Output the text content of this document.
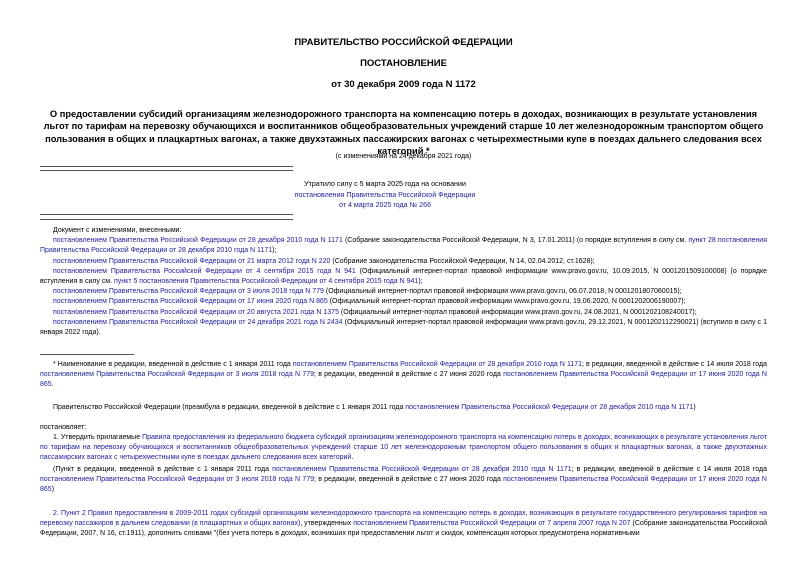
ПРАВИТЕЛЬСТВО РОССИЙСКОЙ ФЕДЕРАЦИИ
ПОСТАНОВЛЕНИЕ
от 30 декабря 2009 года N 1172
О предоставлении субсидий организациям железнодорожного транспорта на компенсацию потерь в доходах, возникающих в результате установления льгот по тарифам на перевозку обучающихся и воспитанников общеобразовательных учреждений старше 10 лет железнодорожным транспортом общего пользования в общих и плацкартных вагонах, а также двухэтажных пассажирских вагонах с четырехместными купе в поездах дальнего следования всех категорий *
(с изменениями на 24 декабря 2021 года)
Утратило силу с 5 марта 2025 года на основании
постановления Правительства Российской Федерации
от 4 марта 2025 года № 266

Документ с изменениями, внесенными:

постановлением Правительства Российской Федерации от 28 декабря 2010 года N 1171 (Собрание законодательства Российской Федерации, N 3, 17.01.2011) (о порядке вступления в силу см. пункт 28 постановления Правительства Российской Федерации от 28 декабря 2010 года N 1171);

постановлением Правительства Российской Федерации от 21 марта 2012 года N 220 (Собрание законодательства Российской Федерации, N 14, 02.04.2012, ст.1628);

постановлением Правительства Российской Федерации от 4 сентября 2015 года N 941 (Официальный интернет-портал правовой информации www.pravo.gov.ru, 10.09.2015, N 0001201509100008) (о порядке вступления в силу см. пункт 5 постановления Правительства Российской Федерации от 4 сентября 2015 года N 941);

постановлением Правительства Российской Федерации от 3 июля 2018 года N 779 (Официальный интернет-портал правовой информации www.pravo.gov.ru, 06.07.2018, N 0001201807060015);

постановлением Правительства Российской Федерации от 17 июня 2020 года N 865 (Официальный интернет-портал правовой информации www.pravo.gov.ru, 19.06.2020, N 0001202006190007);

постановлением Правительства Российской Федерации от 20 августа 2021 года N 1375 (Официальный интернет-портал правовой информации www.pravo.gov.ru, 24.08.2021, N 0001202108240017);

постановлением Правительства Российской Федерации от 24 декабря 2021 года N 2434 (Официальный интернет-портал правовой информации www.pravo.gov.ru, 29.12.2021, N 0001202112290021) (вступило в силу с 1 января 2022 года).

* Наименование в редакции, введенной в действие с 1 января 2011 года постановлением Правительства Российской Федерации от 28 декабря 2010 года N 1171; в редакции, введенной в действие с 14 июля 2018 года постановлением Правительства Российской Федерации от 3 июля 2018 года N 779; в редакции, введенной в действие с 27 июня 2020 года постановлением Правительства Российской Федерации от 17 июня 2020 года N 865.
Правительство Российской Федерации (преамбула в редакции, введенной в действие с 1 января 2011 года постановлением Правительства Российской Федерации от 28 декабря 2010 года N 1171)
постановляет:
1. Утвердить прилагаемые Правила предоставления из федерального бюджета субсидий организациям железнодорожного транспорта на компенсацию потерь в доходах, возникающих в результате установления льгот по тарифам на перевозку обучающихся и воспитанников общеобразовательных учреждений старше 10 лет железнодорожным транспортом общего пользования в общих и плацкартных вагонах, а также двухэтажных пассажирских вагонах с четырехместными купе в поездах дальнего следования всех категорий.
(Пункт в редакции, введенной в действие с 1 января 2011 года постановлением Правительства Российской Федерации от 28 декабря 2010 года N 1171; в редакции, введенной в действие с 14 июля 2018 года постановлением Правительства Российской Федерации от 3 июля 2018 года N 779; в редакции, введенной в действие с 27 июня 2020 года постановлением Правительства Российской Федерации от 17 июня 2020 года N 865)
2. Пункт 2 Правил предоставления в 2009-2011 годах субсидий организациям железнодорожного транспорта на компенсацию потерь в доходах, возникающих в результате государственного регулирования тарифов на перевозку пассажиров в дальнем следовании (в плацкартных и общих вагонах), утвержденных постановлением Правительства Российской Федерации от 7 апреля 2007 года N 207 (Собрание законодательства Российской Федерации, 2007, N 16, ст.1911), дополнить словами "(без учета потерь в доходах, возникших при предоставлении льгот и скидок, компенсация которых предусмотрена нормативными
